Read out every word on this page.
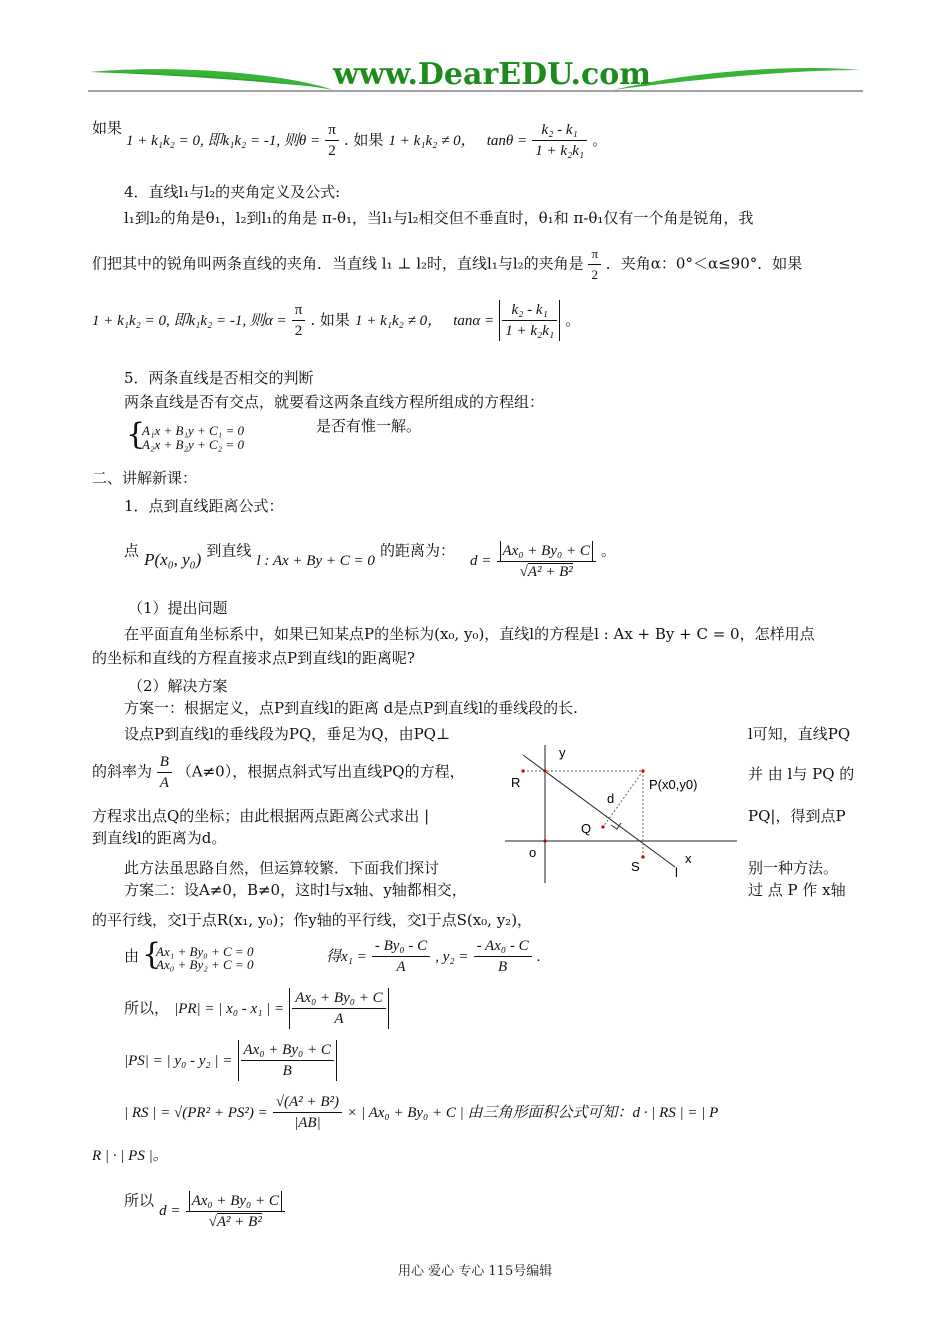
www.DearEDU.com
如果
1 + k₁k₂ = 0, 即k₁k₂ = -1, 则$\theta = \frac{\pi}{2}$ . 如果 1 + k₁k₂ ≠ 0， $\tan\theta = \frac{\text{k₂ - k₁}}{\text{1 + k₂k₁}}$ 。
4．直线l₁与l₂的夹角定义及公式:
l₁到l₂的角是θ₁，l₂到l₁的角是 π-θ₁，当l₁与l₂相交但不垂直时，θ₁和 π-θ₁仅有一个角是锐角，我
们把其中的锐角叫两条直线的夹角．当直线 l₁ ⊥ l₂时，直线l₁与l₂的夹角是 $\frac{\pi}{2}$ ．夹角α：0°＜α≤90°．如果
1 + k₁k₂ = 0, 即k₁k₂ = -1, 则$\alpha = \frac{\pi}{2}$ . 如果 1 + k₁k₂ ≠ 0， $\tan\alpha = \frac{\text{k₂ - k₁}}{\text{1 + k₂k₁}}$ 。
5．两条直线是否相交的判断
两条直线是否有交点，就要看这两条直线方程所组成的方程组：
{
A₁x + B₁y + C₁ = 0
A₂x + B₂y + C₂ = 0
是否有惟一解。
二、讲解新课：
1．点到直线距离公式：
点 P(x₀, y₀) 到直线 l : Ax + By + C = 0 的距离为： $d = \frac{\text{Ax₀ + By₀ + C}}{\text{√A² + B²}}$ 。
（1）提出问题
在平面直角坐标系中，如果已知某点P的坐标为(x₀, y₀)，直线l的方程是l : Ax + By + C = 0，怎样用点
的坐标和直线的方程直接求点P到直线l的距离呢?
（2）解决方案
方案一：根据定义，点P到直线l的距离 d是点P到直线l的垂线段的长.
设点P到直线l的垂线段为PQ，垂足为Q，由PQ⊥	l可知，直线PQ
的斜率为 $\frac{B}{A} (A\ne 0)$，根据点斜式写出直线PQ的方程，	并 由 l与 PQ 的
方程求出点Q的坐标；由此根据两点距离公式求出 |	PQ|，得到点P
到直线l的距离为d。
此方法虽思路自然，但运算较繁．下面我们探讨	别一种方法。
方案二：设A≠0，B≠0，这时l与x轴、y轴都相交，	过 点 P 作 x轴
的平行线，交l于点R(x₁, y₀)；作y轴的平行线，交l于点S(x₀, y₂)，
y
R	P(x0,y0)
d
Q
o
S
x
l
由 {
Ax₁ + By₀ + C = 0
Ax₀ + By₂ + C = 0	得$x_1 = \frac{\text{- By₀ - C}}{A}$ , $y_2 = \frac{\text{- Ax₀ - C}}{B}$ .
所以， |PR| = | x₀ - x₁ | = $\frac{\text{Ax₀ + By₀ + C}}{A}$
|PS| = | y₀ - y₂ | = $\frac{\text{Ax₀ + By₀ + C}}{B}$
| RS | = $√(PR^2 + PS^2) = \frac{\text{√(A² + B²)}}{|AB|}$ × | Ax₀ + By₀ + C | 由三角形面积公式可知：d · | RS | = | P
R | · | PS |。
所以 $d = \frac{\text{Ax₀ + By₀ + C}}{\text{√A² + B²}}$
用心 爱心 专心 115号编辑
